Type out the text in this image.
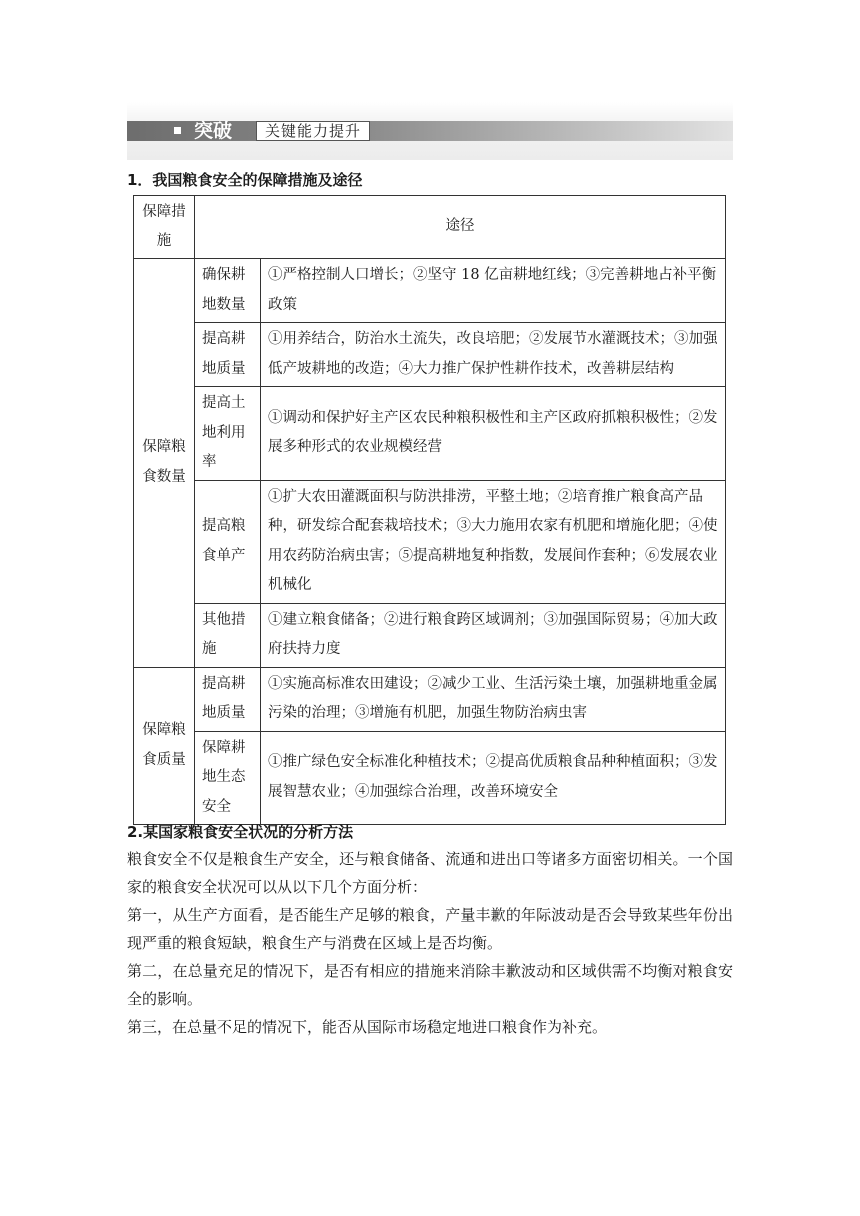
突破	关键能力提升
1．我国粮食安全的保障措施及途径
保障措施	途径	
保障粮食数量	确保耕地数量	①严格控制人口增长；②坚守 18 亿亩耕地红线；③完善耕地占补平衡政策
	提高耕地质量	①用养结合，防治水土流失，改良培肥；②发展节水灌溉技术；③加强低产坡耕地的改造；④大力推广保护性耕作技术，改善耕层结构
	提高土地利用率	①调动和保护好主产区农民种粮积极性和主产区政府抓粮积极性；②发展多种形式的农业规模经营
	提高粮食单产	①扩大农田灌溉面积与防洪排涝，平整土地；②培育推广粮食高产品种，研发综合配套栽培技术；③大力施用农家有机肥和增施化肥；④使用农药防治病虫害；⑤提高耕地复种指数，发展间作套种；⑥发展农业机械化
	其他措施	①建立粮食储备；②进行粮食跨区域调剂；③加强国际贸易；④加大政府扶持力度
保障粮食质量	提高耕地质量	①实施高标准农田建设；②减少工业、生活污染土壤，加强耕地重金属污染的治理；③增施有机肥，加强生物防治病虫害
	保障耕地生态安全	①推广绿色安全标准化种植技术；②提高优质粮食品种种植面积；③发展智慧农业；④加强综合治理，改善环境安全
2.某国家粮食安全状况的分析方法
粮食安全不仅是粮食生产安全，还与粮食储备、流通和进出口等诸多方面密切相关。一个国家的粮食安全状况可以从以下几个方面分析：
第一，从生产方面看，是否能生产足够的粮食，产量丰歉的年际波动是否会导致某些年份出现严重的粮食短缺，粮食生产与消费在区域上是否均衡。
第二，在总量充足的情况下，是否有相应的措施来消除丰歉波动和区域供需不均衡对粮食安全的影响。
第三，在总量不足的情况下，能否从国际市场稳定地进口粮食作为补充。
